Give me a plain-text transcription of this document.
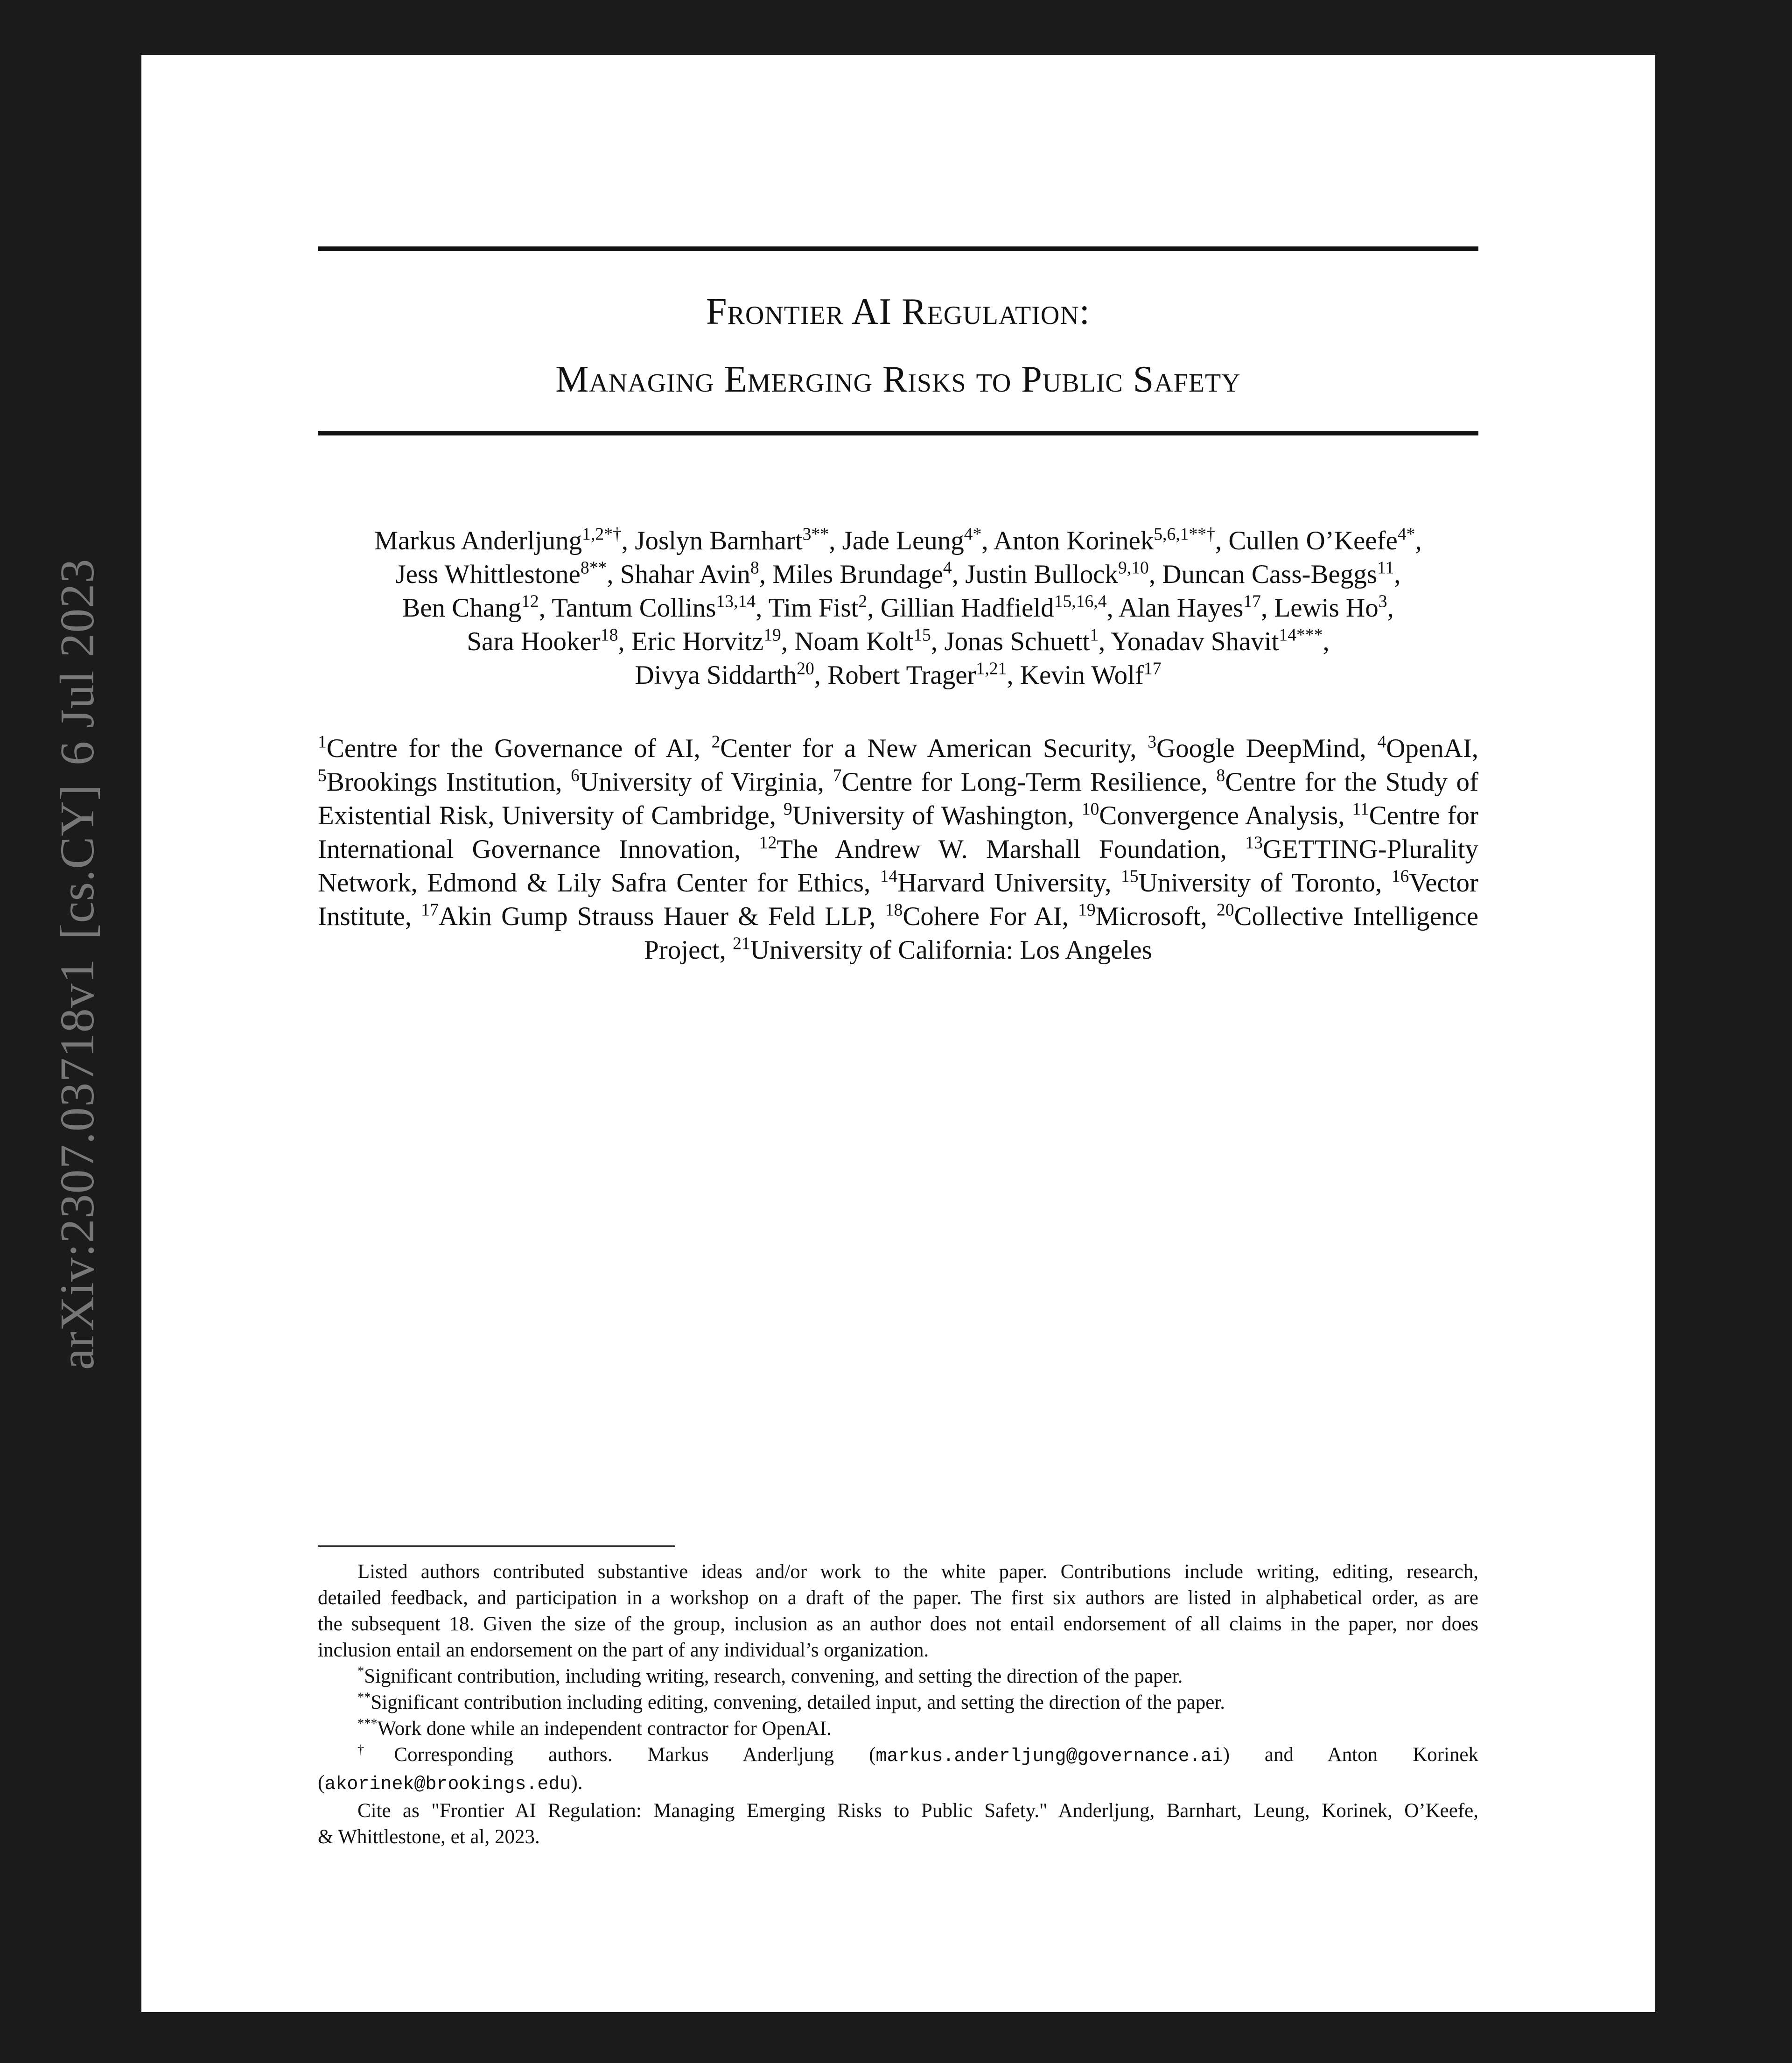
Frontier AI Regulation:
Managing Emerging Risks to Public Safety
Markus Anderljung$^{1,2*\dagger}$, Joslyn Barnhart$^{3**}$, Jade Leung$^{4*}$, Anton Korinek$^{5,6,1**\dagger}$, Cullen O’Keefe$^{4*}$,
Jess Whittlestone$^{8**}$, Shahar Avin$^8$, Miles Brundage$^4$, Justin Bullock$^{9,10}$, Duncan Cass-Beggs$^{11}$,
Ben Chang$^{12}$, Tantum Collins$^{13,14}$, Tim Fist$^2$, Gillian Hadfield$^{15,16,4}$, Alan Hayes$^{17}$, Lewis Ho$^3$,
Sara Hooker$^{18}$, Eric Horvitz$^{19}$, Noam Kolt$^{15}$, Jonas Schuett$^1$, Yonadav Shavit$^{14***}$,
Divya Siddarth$^{20}$, Robert Trager$^{1,21}$, Kevin Wolf$^{17}$
$^1$Centre for the Governance of AI, $^2$Center for a New American Security, $^3$Google DeepMind, $^4$OpenAI,
$^5$Brookings Institution, $^6$University of Virginia, $^7$Centre for Long-Term Resilience, $^8$Centre for the Study of
Existential Risk, University of Cambridge, $^9$University of Washington, $^{10}$Convergence Analysis, $^{11}$Centre for
International Governance Innovation, $^{12}$The Andrew W. Marshall Foundation, $^{13}$GETTING-Plurality
Network, Edmond & Lily Safra Center for Ethics, $^{14}$Harvard University, $^{15}$University of Toronto, $^{16}$Vector
Institute, $^{17}$Akin Gump Strauss Hauer & Feld LLP, $^{18}$Cohere For AI, $^{19}$Microsoft, $^{20}$Collective Intelligence
Project, $^{21}$University of California: Los Angeles
Listed authors contributed substantive ideas and/or work to the white paper. Contributions include writing, editing, research,
detailed feedback, and participation in a workshop on a draft of the paper. The first six authors are listed in alphabetical order, as are
the subsequent 18. Given the size of the group, inclusion as an author does not entail endorsement of all claims in the paper, nor does
inclusion entail an endorsement on the part of any individual’s organization.
*Significant contribution, including writing, research, convening, and setting the direction of the paper.
**Significant contribution including editing, convening, detailed input, and setting the direction of the paper.
***Work done while an independent contractor for OpenAI.
†Corresponding authors. Markus Anderljung (markus.anderljung@governance.ai) and Anton Korinek
(akorinek@brookings.edu).
Cite as "Frontier AI Regulation: Managing Emerging Risks to Public Safety." Anderljung, Barnhart, Leung, Korinek, O’Keefe,
& Whittlestone, et al, 2023.
arXiv:2307.03718v1[cs.CY]6 Jul 2023
